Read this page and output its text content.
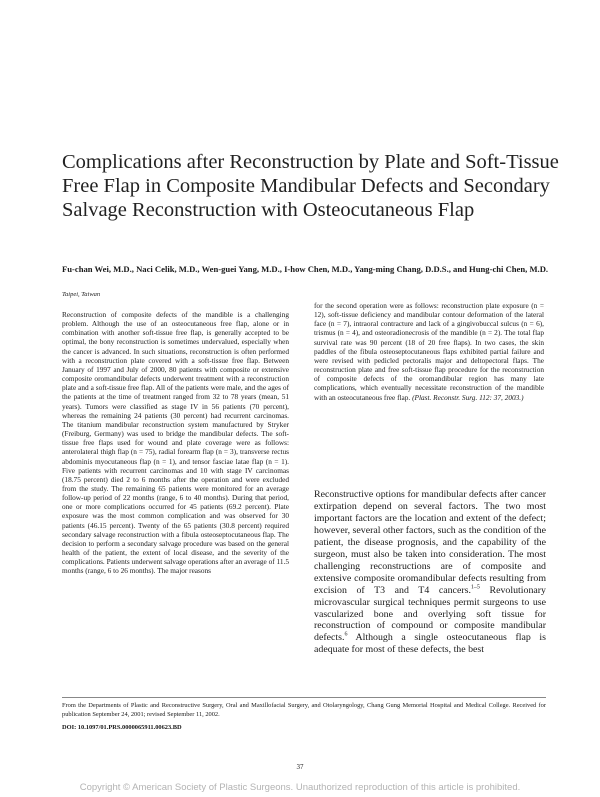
Complications after Reconstruction by Plate and Soft-Tissue Free Flap in Composite Mandibular Defects and Secondary Salvage Reconstruction with Osteocutaneous Flap
Fu-chan Wei, M.D., Naci Celik, M.D., Wen-guei Yang, M.D., I-how Chen, M.D., Yang-ming Chang, D.D.S., and Hung-chi Chen, M.D.
Taipei, Taiwan
Reconstruction of composite defects of the mandible is a challenging problem. Although the use of an osteocutaneous free flap, alone or in combination with another soft-tissue free flap, is generally accepted to be optimal, the bony reconstruction is sometimes undervalued, especially when the cancer is advanced. In such situations, reconstruction is often performed with a reconstruction plate covered with a soft-tissue free flap. Between January of 1997 and July of 2000, 80 patients with composite or extensive composite oromandibular defects underwent treatment with a reconstruction plate and a soft-tissue free flap. All of the patients were male, and the ages of the patients at the time of treatment ranged from 32 to 78 years (mean, 51 years). Tumors were classified as stage IV in 56 patients (70 percent), whereas the remaining 24 patients (30 percent) had recurrent carcinomas. The titanium mandibular reconstruction system manufactured by Stryker (Freiburg, Germany) was used to bridge the mandibular defects. The soft-tissue free flaps used for wound and plate coverage were as follows: anterolateral thigh flap (n = 75), radial forearm flap (n = 3), transverse rectus abdominis myocutaneous flap (n = 1), and tensor fasciae latae flap (n = 1). Five patients with recurrent carcinomas and 10 with stage IV carcinomas (18.75 percent) died 2 to 6 months after the operation and were excluded from the study. The remaining 65 patients were monitored for an average follow-up period of 22 months (range, 6 to 40 months). During that period, one or more complications occurred for 45 patients (69.2 percent). Plate exposure was the most common complication and was observed for 30 patients (46.15 percent). Twenty of the 65 patients (30.8 percent) required secondary salvage reconstruction with a fibula osteoseptocutaneous flap. The decision to perform a secondary salvage procedure was based on the general health of the patient, the extent of local disease, and the severity of the complications. Patients underwent salvage operations after an average of 11.5 months (range, 6 to 26 months). The major reasons
for the second operation were as follows: reconstruction plate exposure (n = 12), soft-tissue deficiency and mandibular contour deformation of the lateral face (n = 7), intraoral contracture and lack of a gingivobuccal sulcus (n = 6), trismus (n = 4), and osteoradionecrosis of the mandible (n = 2). The total flap survival rate was 90 percent (18 of 20 free flaps). In two cases, the skin paddles of the fibula osteoseptocutaneous flaps exhibited partial failure and were revised with pedicled pectoralis major and deltopectoral flaps. The reconstruction plate and free soft-tissue flap procedure for the reconstruction of composite defects of the oromandibular region has many late complications, which eventually necessitate reconstruction of the mandible with an osteocutaneous free flap. (Plast. Reconstr. Surg. 112: 37, 2003.)

Reconstructive options for mandibular defects after cancer extirpation depend on several factors. The two most important factors are the location and extent of the defect; however, several other factors, such as the condition of the patient, the disease prognosis, and the capability of the surgeon, must also be taken into consideration. The most challenging reconstructions are of composite and extensive composite oromandibular defects resulting from excision of T3 and T4 cancers.$^{1-5}$ Revolutionary microvascular surgical techniques permit surgeons to use vascularized bone and overlying soft tissue for reconstruction of compound or composite mandibular defects.$^6$ Although a single osteocutaneous flap is adequate for most of these defects, the best

From the Departments of Plastic and Reconstructive Surgery, Oral and Maxillofacial Surgery, and Otolaryngology, Chang Gung Memorial Hospital and Medical College. Received for publication September 24, 2001; revised September 11, 2002.
DOI: 10.1097/01.PRS.0000065911.00623.BD
37
Copyright © American Society of Plastic Surgeons. Unauthorized reproduction of this article is prohibited.
